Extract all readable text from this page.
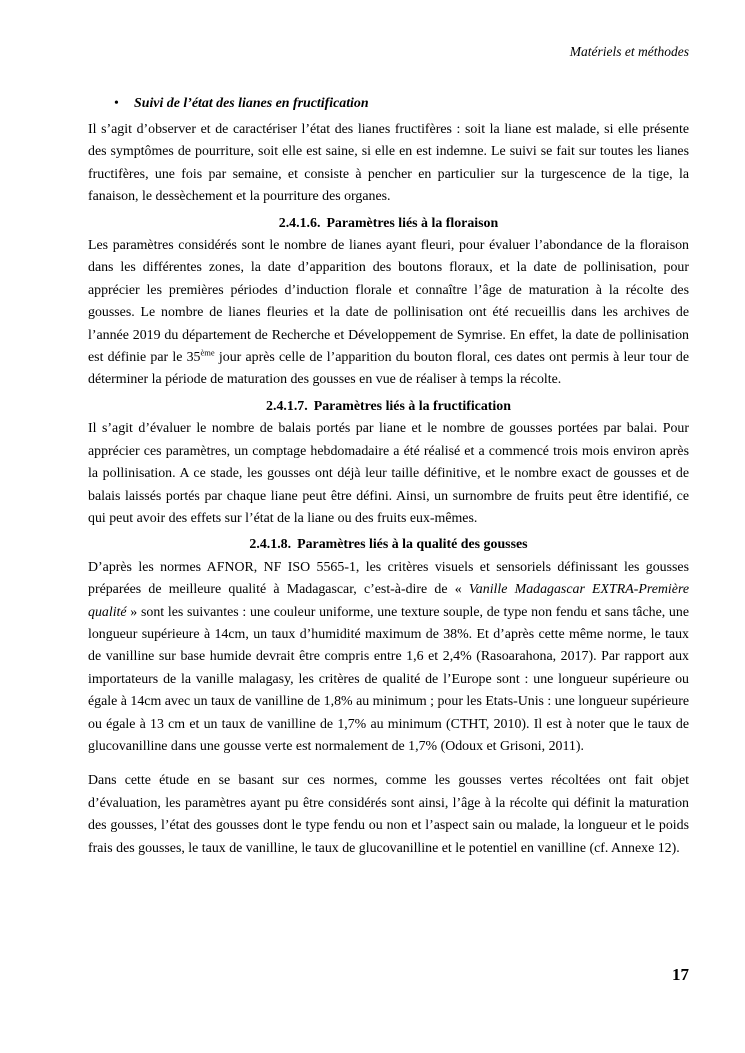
Matériels et méthodes
• Suivi de l’état des lianes en fructification

Il s’agit d’observer et de caractériser l’état des lianes fructifères : soit la liane est malade, si elle présente des symptômes de pourriture, soit elle est saine, si elle en est indemne. Le suivi se fait sur toutes les lianes fructifères, une fois par semaine, et consiste à pencher en particulier sur la turgescence de la tige, la fanaison, le dessèchement et la pourriture des organes.

2.4.1.6. Paramètres liés à la floraison

Les paramètres considérés sont le nombre de lianes ayant fleuri, pour évaluer l’abondance de la floraison dans les différentes zones, la date d’apparition des boutons floraux, et la date de pollinisation, pour apprécier les premières périodes d’induction florale et connaître l’âge de maturation à la récolte des gousses. Le nombre de lianes fleuries et la date de pollinisation ont été recueillis dans les archives de l’année 2019 du département de Recherche et Développement de Symrise. En effet, la date de pollinisation est définie par le 35ème jour après celle de l’apparition du bouton floral, ces dates ont permis à leur tour de déterminer la période de maturation des gousses en vue de réaliser à temps la récolte.

2.4.1.7. Paramètres liés à la fructification

Il s’agit d’évaluer le nombre de balais portés par liane et le nombre de gousses portées par balai. Pour apprécier ces paramètres, un comptage hebdomadaire a été réalisé et a commencé trois mois environ après la pollinisation. A ce stade, les gousses ont déjà leur taille définitive, et le nombre exact de gousses et de balais laissés portés par chaque liane peut être défini. Ainsi, un surnombre de fruits peut être identifié, ce qui peut avoir des effets sur l’état de la liane ou des fruits eux-mêmes.

2.4.1.8. Paramètres liés à la qualité des gousses

D’après les normes AFNOR, NF ISO 5565-1, les critères visuels et sensoriels définissant les gousses préparées de meilleure qualité à Madagascar, c’est-à-dire de « Vanille Madagascar EXTRA-Première qualité » sont les suivantes : une couleur uniforme, une texture souple, de type non fendu et sans tâche, une longueur supérieure à 14cm, un taux d’humidité maximum de 38%. Et d’après cette même norme, le taux de vanilline sur base humide devrait être compris entre 1,6 et 2,4% (Rasoarahona, 2017). Par rapport aux importateurs de la vanille malagasy, les critères de qualité de l’Europe sont : une longueur supérieure ou égale à 14cm avec un taux de vanilline de 1,8% au minimum ; pour les Etats-Unis : une longueur supérieure ou égale à 13 cm et un taux de vanilline de 1,7% au minimum (CTHT, 2010). Il est à noter que le taux de glucovanilline dans une gousse verte est normalement de 1,7% (Odoux et Grisoni, 2011).

Dans cette étude en se basant sur ces normes, comme les gousses vertes récoltées ont fait objet d’évaluation, les paramètres ayant pu être considérés sont ainsi, l’âge à la récolte qui définit la maturation des gousses, l’état des gousses dont le type fendu ou non et l’aspect sain ou malade, la longueur et le poids frais des gousses, le taux de vanilline, le taux de glucovanilline et le potentiel en vanilline (cf. Annexe 12).

17
